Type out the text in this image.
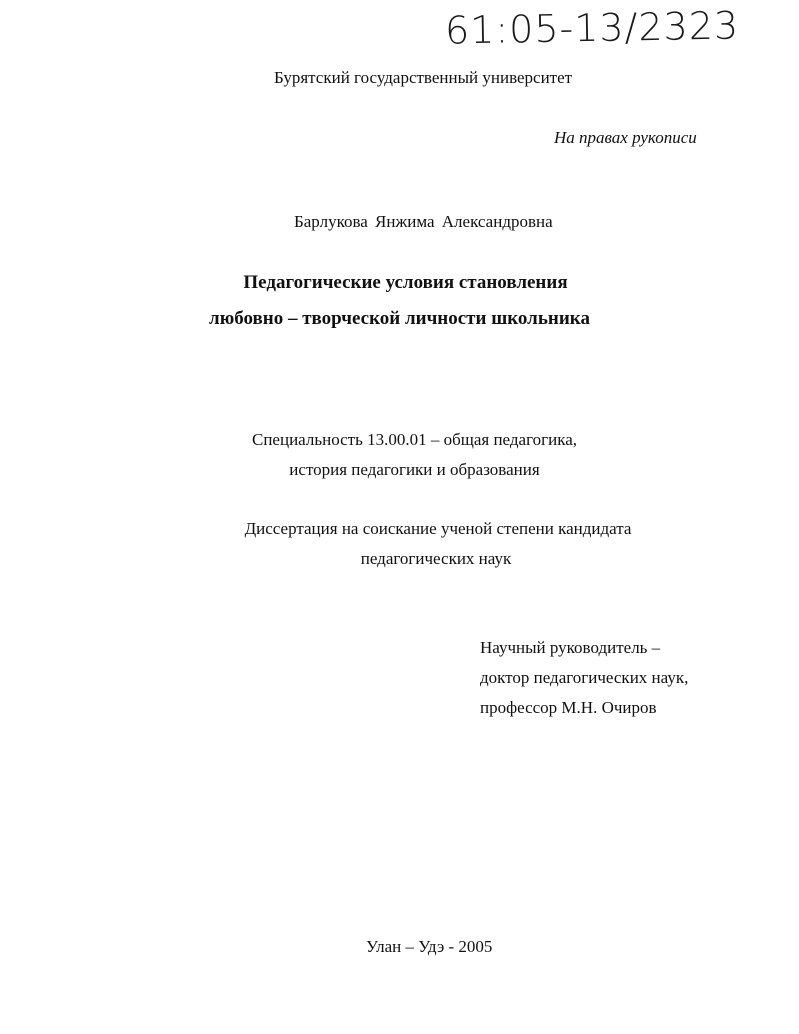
61:05-13/2323
Бурятский государственный университет
На правах рукописи
Барлукова Янжима Александровна
Педагогические условия становления
любовно – творческой личности школьника
Специальность 13.00.01 – общая педагогика,
история педагогики и образования
Диссертация на соискание ученой степени кандидата
педагогических наук
Научный руководитель –
доктор педагогических наук,
профессор М.Н. Очиров
Улан – Удэ - 2005
